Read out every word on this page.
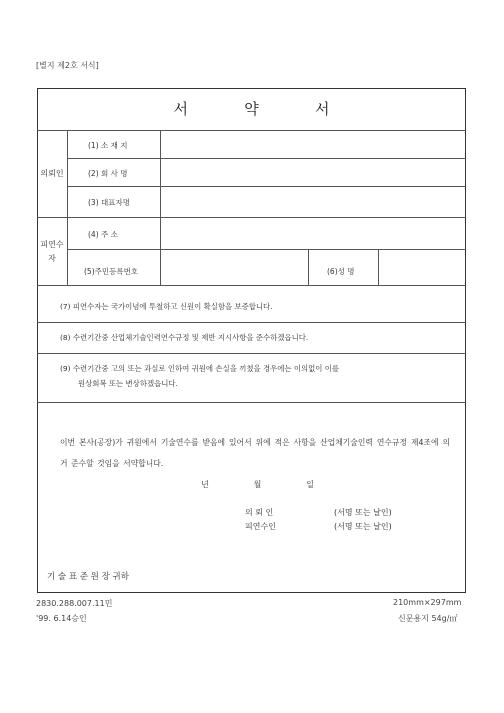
[별지 제2호 서식]
서	약	서
의뢰인
(1) 소 재 지
(2) 회 사 명
(3) 대표자명
피연수
자
(4) 주 소
(5)주민등록번호	(6)성 명
(7) 피연수자는 국가이념에 투철하고 신원이 확실함을 보증합니다.
(8) 수련기간중 산업체기술인력연수규정 및 제반 지시사항을 준수하겠읍니다.
(9) 수련기간중 고의 또는 과실로 인하여 귀원에 손실을 끼쳤을 경우에는 이의없이 이를
원상회복 또는 변상하겠읍니다.
이번 본사(공장)가 귀원에서 기술연수를 받음에 있어서 위에 적은 사항을 산업체기술인력 연수규정 제4조에 의거 준수할 것임을 서약합니다.
년	월	일
의 뢰 인	(서명 또는 날인)
피연수인	(서명 또는 날인)
기 술 표 준 원 장 귀하
2830.288.007.11민
'99. 6.14승인
210mm×297mm
신문용지 54g/㎡
